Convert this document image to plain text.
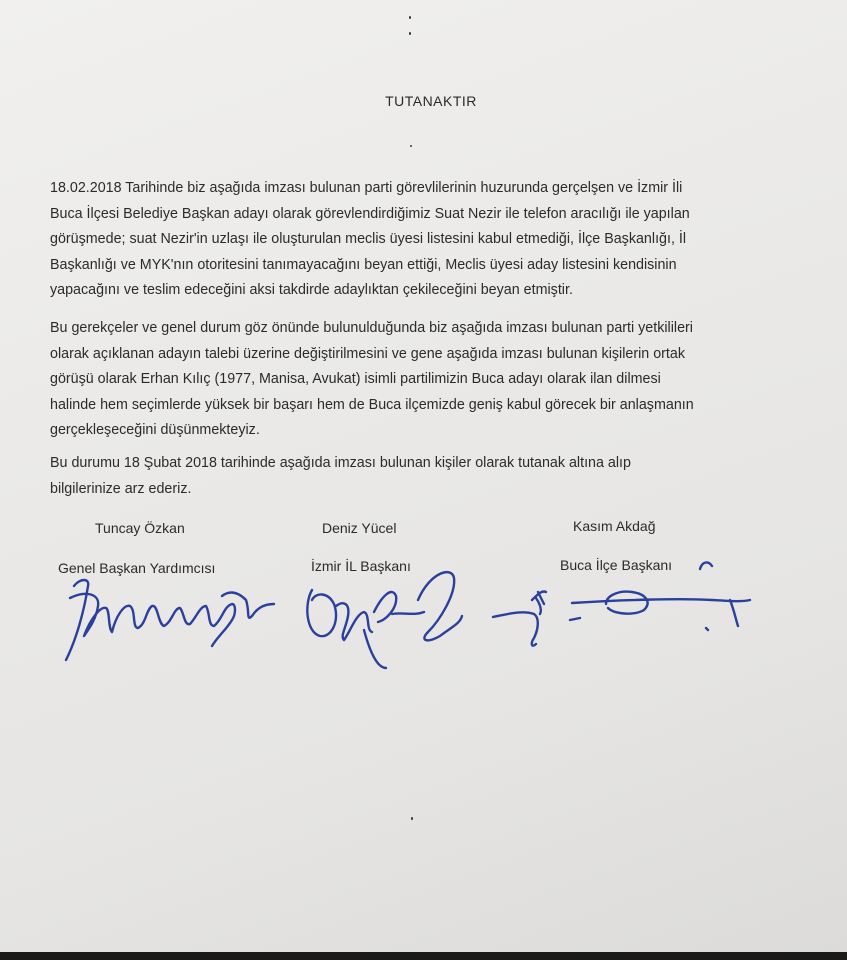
TUTANAKTIR

18.02.2018 Tarihinde biz aşağıda imzası bulunan parti görevlilerinin huzurunda gerçelşen ve İzmir İli
Buca İlçesi Belediye Başkan adayı olarak görevlendirdiğimiz Suat Nezir ile telefon aracılığı ile yapılan
görüşmede; suat Nezir'in uzlaşı ile oluşturulan meclis üyesi listesini kabul etmediği, İlçe Başkanlığı, İl
Başkanlığı ve MYK'nın otoritesini tanımayacağını beyan ettiği, Meclis üyesi aday listesini kendisinin
yapacağını ve teslim edeceğini aksi takdirde adaylıktan çekileceğini beyan etmiştir.

Bu gerekçeler ve genel durum göz önünde bulunulduğunda biz aşağıda imzası bulunan parti yetkilileri
olarak açıklanan adayın talebi üzerine değiştirilmesini ve gene aşağıda imzası bulunan kişilerin ortak
görüşü olarak Erhan Kılıç (1977, Manisa, Avukat) isimli partilimizin Buca adayı olarak ilan dilmesi
halinde hem seçimlerde yüksek bir başarı hem de Buca ilçemizde geniş kabul görecek bir anlaşmanın
gerçekleşeceğini düşünmekteyiz.

Bu durumu 18 Şubat 2018 tarihinde aşağıda imzası bulunan kişiler olarak tutanak altına alıp
bilgilerinize arz ederiz.

Tuncay Özkan	Deniz Yücel	Kasım Akdağ
Genel Başkan Yardımcısı	İzmir İL Başkanı	Buca İlçe Başkanı
